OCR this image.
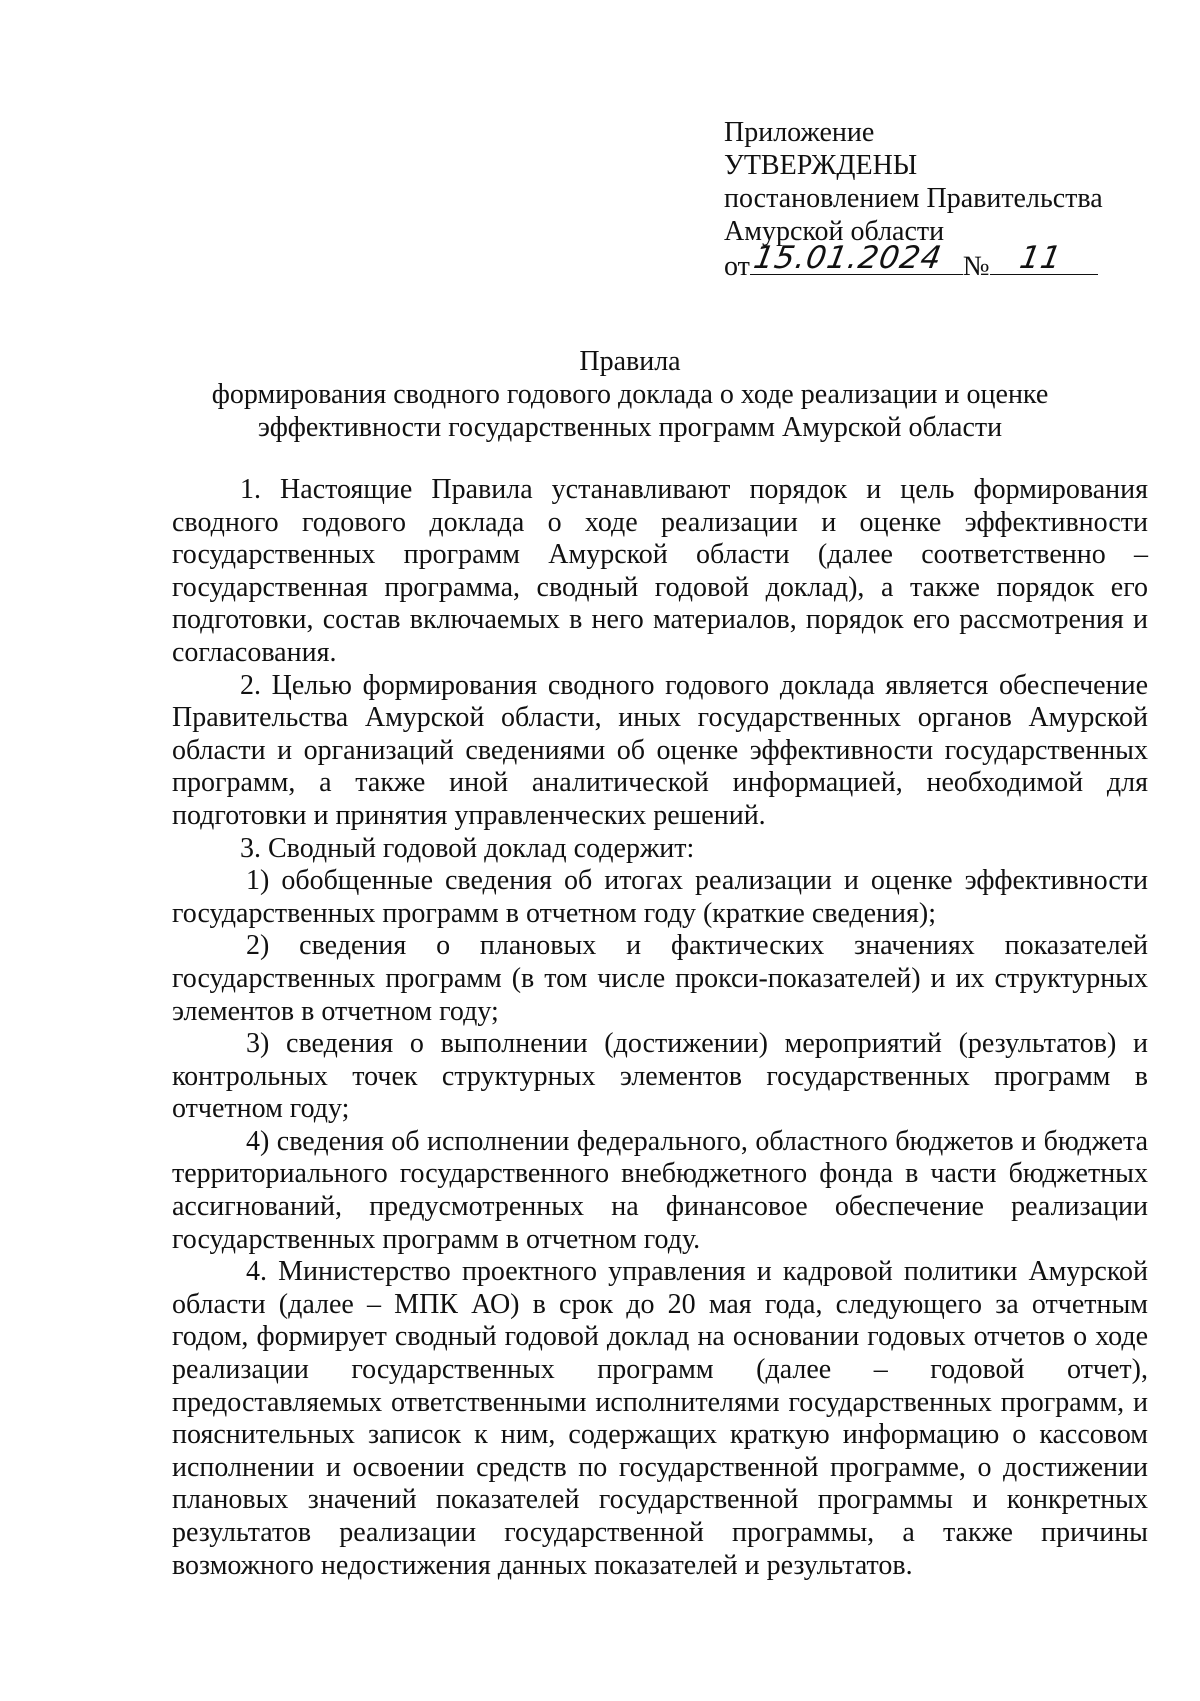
Приложение
УТВЕРЖДЕНЫ
постановлением Правительства
Амурской области
от 15.01.2024 № 11
Правила
формирования сводного годового доклада о ходе реализации и оценке
эффективности государственных программ Амурской области

1. Настоящие Правила устанавливают порядок и цель формирования сводного годового доклада о ходе реализации и оценке эффективности государственных программ Амурской области (далее соответственно – государственная программа, сводный годовой доклад), а также порядок его подготовки, состав включаемых в него материалов, порядок его рассмотрения и согласования.

2. Целью формирования сводного годового доклада является обеспечение Правительства Амурской области, иных государственных органов Амурской области и организаций сведениями об оценке эффективности государственных программ, а также иной аналитической информацией, необходимой для подготовки и принятия управленческих решений.

3. Сводный годовой доклад содержит:

1) обобщенные сведения об итогах реализации и оценке эффективности государственных программ в отчетном году (краткие сведения);

2) сведения о плановых и фактических значениях показателей государственных программ (в том числе прокси-показателей) и их структурных элементов в отчетном году;

3) сведения о выполнении (достижении) мероприятий (результатов) и контрольных точек структурных элементов государственных программ в отчетном году;

4) сведения об исполнении федерального, областного бюджетов и бюджета территориального государственного внебюджетного фонда в части бюджетных ассигнований, предусмотренных на финансовое обеспечение реализации государственных программ в отчетном году.

4. Министерство проектного управления и кадровой политики Амурской области (далее – МПК АО) в срок до 20 мая года, следующего за отчетным годом, формирует сводный годовой доклад на основании годовых отчетов о ходе реализации государственных программ (далее – годовой отчет), предоставляемых ответственными исполнителями государственных программ, и пояснительных записок к ним, содержащих краткую информацию о кассовом исполнении и освоении средств по государственной программе, о достижении плановых значений показателей государственной программы и конкретных результатов реализации государственной программы, а также причины возможного недостижения данных показателей и результатов.
